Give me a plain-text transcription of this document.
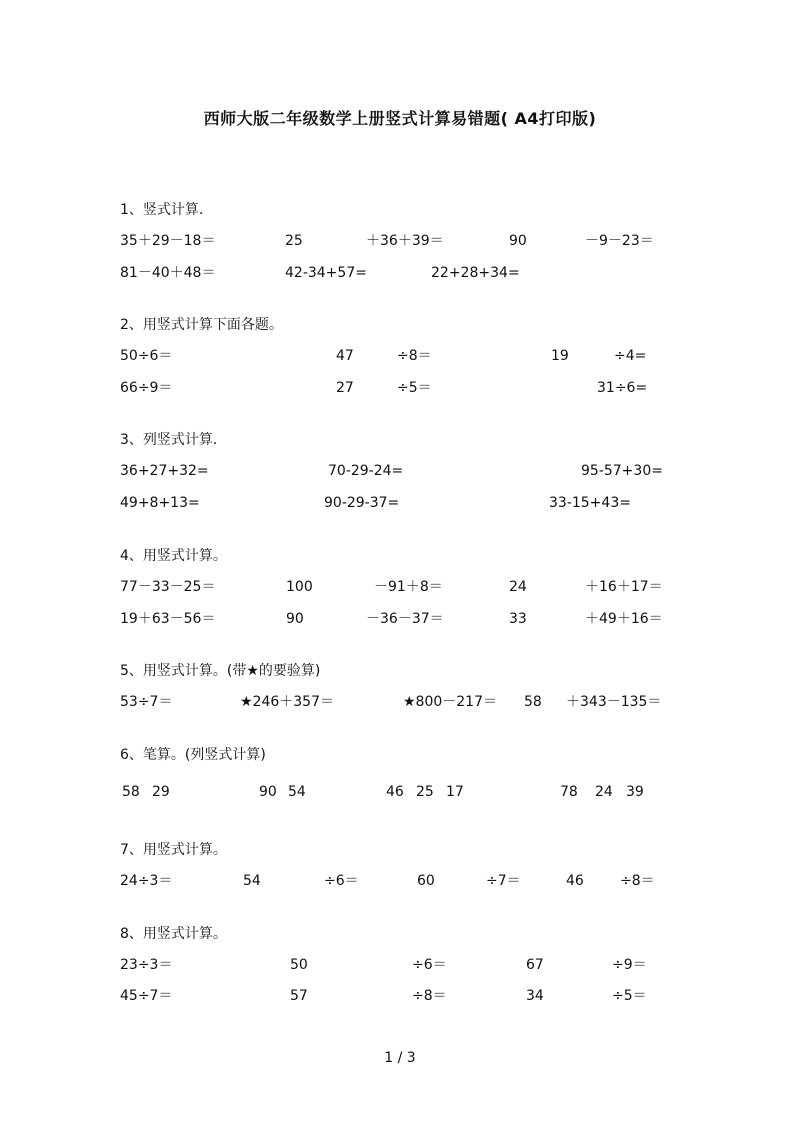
西师大版二年级数学上册竖式计算易错题( A4打印版)
1、竖式计算.
35＋29－18＝	25	＋36＋39＝	90	－9－23＝
81－40＋48＝	42-34+57=	22+28+34=
2、用竖式计算下面各题。
50÷6＝	47	÷8＝	19	÷4=
66÷9＝	27	÷5＝	31÷6=
3、列竖式计算.
36+27+32=	70-29-24=	95-57+30=
49+8+13=	90-29-37=	33-15+43=
4、用竖式计算。
77－33－25＝	100	－91＋8＝	24	＋16＋17＝
19＋63－56＝	90	－36－37＝	33	＋49＋16＝
5、用竖式计算。(带★的要验算)
53÷7＝	★246＋357＝	★800－217＝ 58 ＋343－135＝
6、笔算。(列竖式计算)
58 29	90 54	46 25 17	78 24 39
7、用竖式计算。
24÷3＝	54	÷6＝	60	÷7＝	46	÷8＝
8、用竖式计算。
23÷3＝	50	÷6＝	67	÷9＝
45÷7＝	57	÷8＝	34	÷5＝
1 / 3
